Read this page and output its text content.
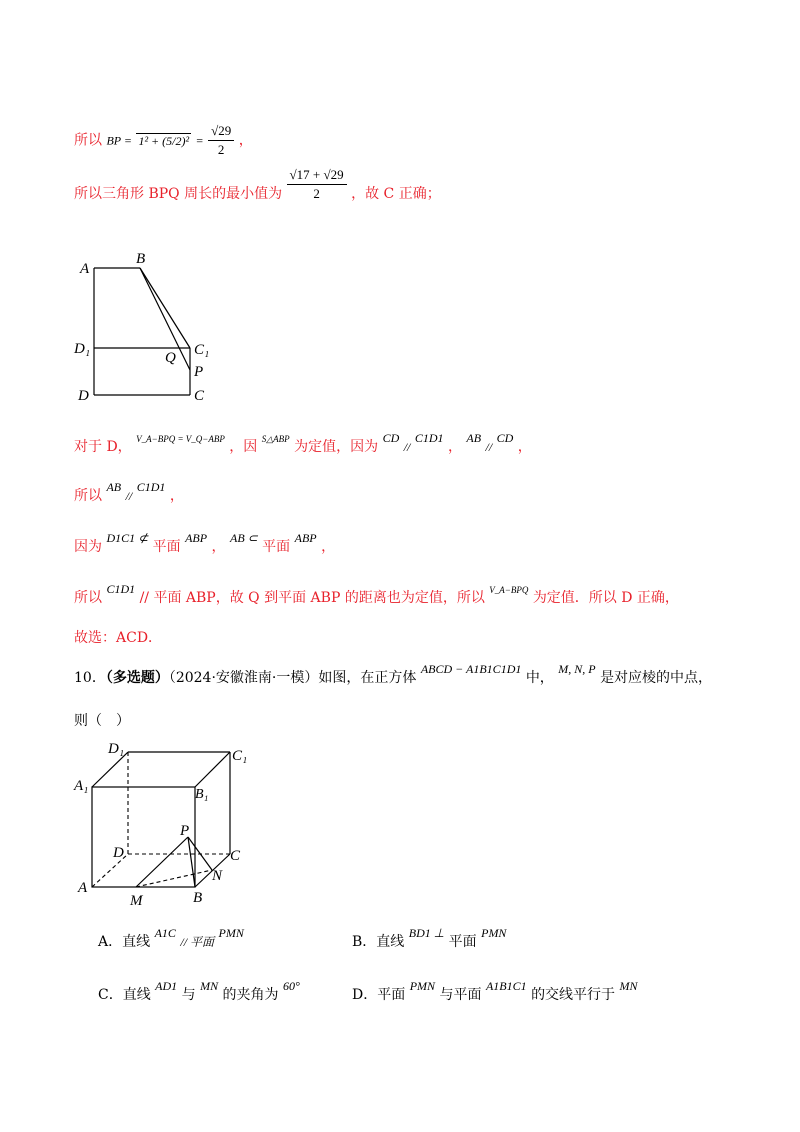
所以 BP = $1^2 + (5/2)^2 = \frac{√29}{2}$ ，
所以三角形 BPQ 周长的最小值为 $\frac{√17 + √29}{2}$ ，故 C 正确；
A
B
D₁	C₁
Q
P
D	C
对于 D， $^{V\_A-BPQ = V\_Q-ABP}$ ，因 $^{S\triangle ABP}$ 为定值，因为 CD // C1D1 ， AB // CD ，
所以 AB // C1D1 ，
因为 D1C1 ⊄ 平面 ABP ， AB ⊂ 平面 ABP ，
所以 C1D1 // 平面 ABP，故 Q 到平面 ABP 的距离也为定值，所以 $^{V\_A-BPQ}$ 为定值．所以 D 正确，
故选：ACD．
10．（多选题）（2024·安徽淮南·一模）如图，在正方体 ABCD − A1B1C1D1 中， M, N, P 是对应棱的中点，
则（　）
D₁	C₁
A₁
B₁
P
D	C
N
A
M	B
A．直线 A1C // 平面 PMN
B．直线 BD1 ⊥ 平面 PMN
C．直线 AD1 与 MN 的夹角为 60°
D．平面 PMN 与平面 A1B1C1 的交线平行于 MN
